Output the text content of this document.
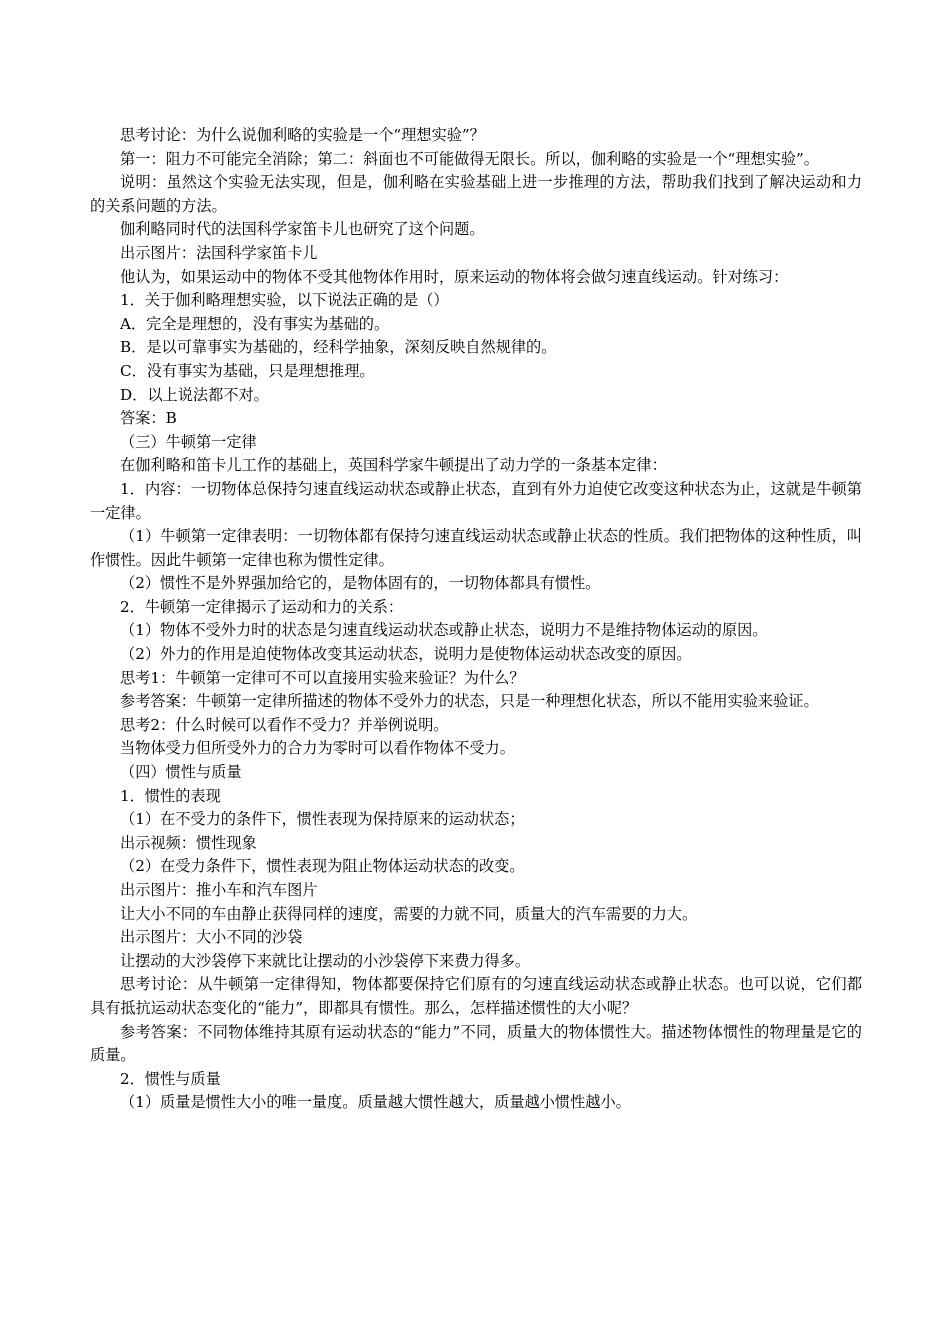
思考讨论：为什么说伽利略的实验是一个“理想实验”？

第一：阻力不可能完全消除；第二：斜面也不可能做得无限长。所以，伽利略的实验是一个“理想实验”。

说明：虽然这个实验无法实现，但是，伽利略在实验基础上进一步推理的方法，帮助我们找到了解决运动和力的关系问题的方法。

伽利略同时代的法国科学家笛卡儿也研究了这个问题。

出示图片：法国科学家笛卡儿

他认为，如果运动中的物体不受其他物体作用时，原来运动的物体将会做匀速直线运动。针对练习：

1．关于伽利略理想实验，以下说法正确的是（）

A．完全是理想的，没有事实为基础的。

B．是以可靠事实为基础的，经科学抽象，深刻反映自然规律的。

C．没有事实为基础，只是理想推理。

D．以上说法都不对。

答案：B

（三）牛顿第一定律

在伽利略和笛卡儿工作的基础上，英国科学家牛顿提出了动力学的一条基本定律：

1．内容：一切物体总保持匀速直线运动状态或静止状态，直到有外力迫使它改变这种状态为止，这就是牛顿第一定律。

（1）牛顿第一定律表明：一切物体都有保持匀速直线运动状态或静止状态的性质。我们把物体的这种性质，叫作惯性。因此牛顿第一定律也称为惯性定律。

（2）惯性不是外界强加给它的，是物体固有的，一切物体都具有惯性。

2．牛顿第一定律揭示了运动和力的关系：

（1）物体不受外力时的状态是匀速直线运动状态或静止状态，说明力不是维持物体运动的原因。

（2）外力的作用是迫使物体改变其运动状态，说明力是使物体运动状态改变的原因。

思考1：牛顿第一定律可不可以直接用实验来验证？为什么？

参考答案：牛顿第一定律所描述的物体不受外力的状态，只是一种理想化状态，所以不能用实验来验证。

思考2：什么时候可以看作不受力？并举例说明。

当物体受力但所受外力的合力为零时可以看作物体不受力。

（四）惯性与质量

1．惯性的表现

（1）在不受力的条件下，惯性表现为保持原来的运动状态；

出示视频：惯性现象

（2）在受力条件下，惯性表现为阻止物体运动状态的改变。

出示图片：推小车和汽车图片

让大小不同的车由静止获得同样的速度，需要的力就不同，质量大的汽车需要的力大。

出示图片：大小不同的沙袋

让摆动的大沙袋停下来就比让摆动的小沙袋停下来费力得多。

思考讨论：从牛顿第一定律得知，物体都要保持它们原有的匀速直线运动状态或静止状态。也可以说，它们都具有抵抗运动状态变化的“能力”，即都具有惯性。那么，怎样描述惯性的大小呢？

参考答案：不同物体维持其原有运动状态的“能力”不同，质量大的物体惯性大。描述物体惯性的物理量是它的质量。

2．惯性与质量

（1）质量是惯性大小的唯一量度。质量越大惯性越大，质量越小惯性越小。
